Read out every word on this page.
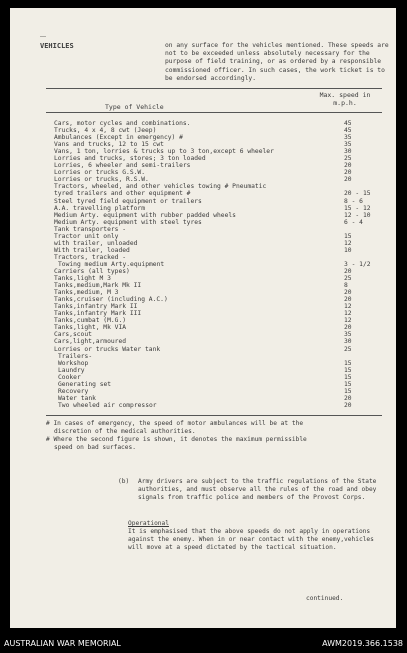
——
VEHICLES	on any surface for the vehicles mentioned. These speeds are not to be exceeded unless absolutely necessary for the purpose of field training, or as ordered by a responsible commissioned officer. In such cases, the work ticket is to be endorsed accordingly.
Type of Vehicle
Max. speed in m.p.h.
Cars, motor cycles and combinations.	45
Trucks, 4 x 4, 8 cwt (Jeep)	45
Ambulances (Except in emergency) #	35
Vans and trucks, 12 to 15 cwt	35
Vans, 1 ton, lorries & trucks up to 3 ton,except 6 wheeler	30
Lorries and trucks, stores; 3 ton loaded	25
Lorries, 6 wheeler and semi-trailers	20
Lorries or trucks G.S.W.	20
Lorries or trucks, R.S.W.	20
Tractors, wheeled, and other vehicles towing # Pneumatic
tyred trailers and other equipment #	20 - 15
Steel tyred field equipment or trailers	8 - 6
A.A. travelling platform	15 - 12
Medium Arty. equipment with rubber padded wheels	12 - 10
Medium Arty. equipment with steel tyres	6 - 4
Tank transporters -
Tractor unit only	15
with trailer, unloaded	12
With trailer, loaded	10
Tractors, tracked -
Towing medium Arty.equipment	3 - 1/2
Carriers (all types)	20
Tanks,light M 3	25
Tanks,medium,Mark Mk II	8
Tanks,medium, M 3	20
Tanks,cruiser (including A.C.)	20
Tanks,infantry Mark II	12
Tanks,infantry Mark III	12
Tanks,cumbat (M.G.)	12
Tanks,light, Mk VIA	20
Cars,scout	35
Cars,light,armoured	30
Lorries or trucks Water tank	25
Trailers-
Workshop	15
Laundry	15
Cooker	15
Generating set	15
Recovery	15
Water tank	20
Two wheeled air compressor	20
# In cases of emergency, the speed of motor ambulances will be at the
discretion of the medical authorities.
# Where the second figure is shown, it denotes the maximum permissible
speed on bad surfaces.
(b) Army drivers are subject to the traffic regulations of the State authorities, and must observe all the rules of the road and obey signals from traffic police and members of the Provost Corps.
Operational
It is emphasised that the above speeds do not apply in operations against the enemy. When in or near contact with the enemy,vehicles will move at a speed dictated by the tactical situation.
continued.
AUSTRALIAN WAR MEMORIAL	AWM2019.366.1538
